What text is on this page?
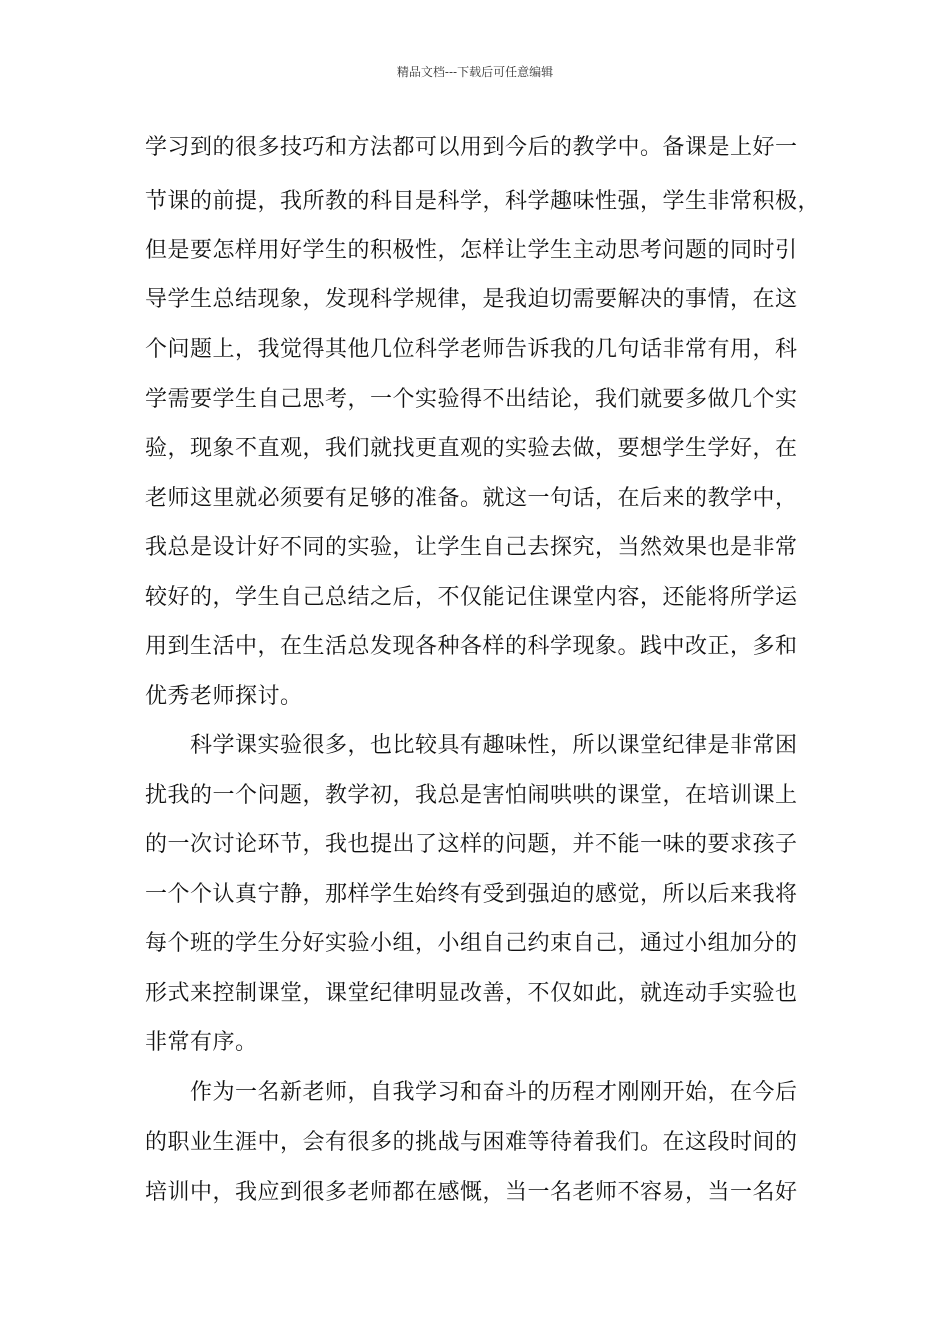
精品文档---下载后可任意编辑
学习到的很多技巧和方法都可以用到今后的教学中。备课是上好一
节课的前提，我所教的科目是科学，科学趣味性强，学生非常积极，
但是要怎样用好学生的积极性，怎样让学生主动思考问题的同时引
导学生总结现象，发现科学规律，是我迫切需要解决的事情，在这
个问题上，我觉得其他几位科学老师告诉我的几句话非常有用，科
学需要学生自己思考，一个实验得不出结论，我们就要多做几个实
验，现象不直观，我们就找更直观的实验去做，要想学生学好，在
老师这里就必须要有足够的准备。就这一句话，在后来的教学中，
我总是设计好不同的实验，让学生自己去探究，当然效果也是非常
较好的，学生自己总结之后，不仅能记住课堂内容，还能将所学运
用到生活中，在生活总发现各种各样的科学现象。践中改正，多和
优秀老师探讨。
科学课实验很多，也比较具有趣味性，所以课堂纪律是非常困
扰我的一个问题，教学初，我总是害怕闹哄哄的课堂，在培训课上
的一次讨论环节，我也提出了这样的问题，并不能一味的要求孩子
一个个认真宁静，那样学生始终有受到强迫的感觉，所以后来我将
每个班的学生分好实验小组，小组自己约束自己，通过小组加分的
形式来控制课堂，课堂纪律明显改善，不仅如此，就连动手实验也
非常有序。
作为一名新老师，自我学习和奋斗的历程才刚刚开始，在今后
的职业生涯中，会有很多的挑战与困难等待着我们。在这段时间的
培训中，我应到很多老师都在感慨，当一名老师不容易，当一名好
